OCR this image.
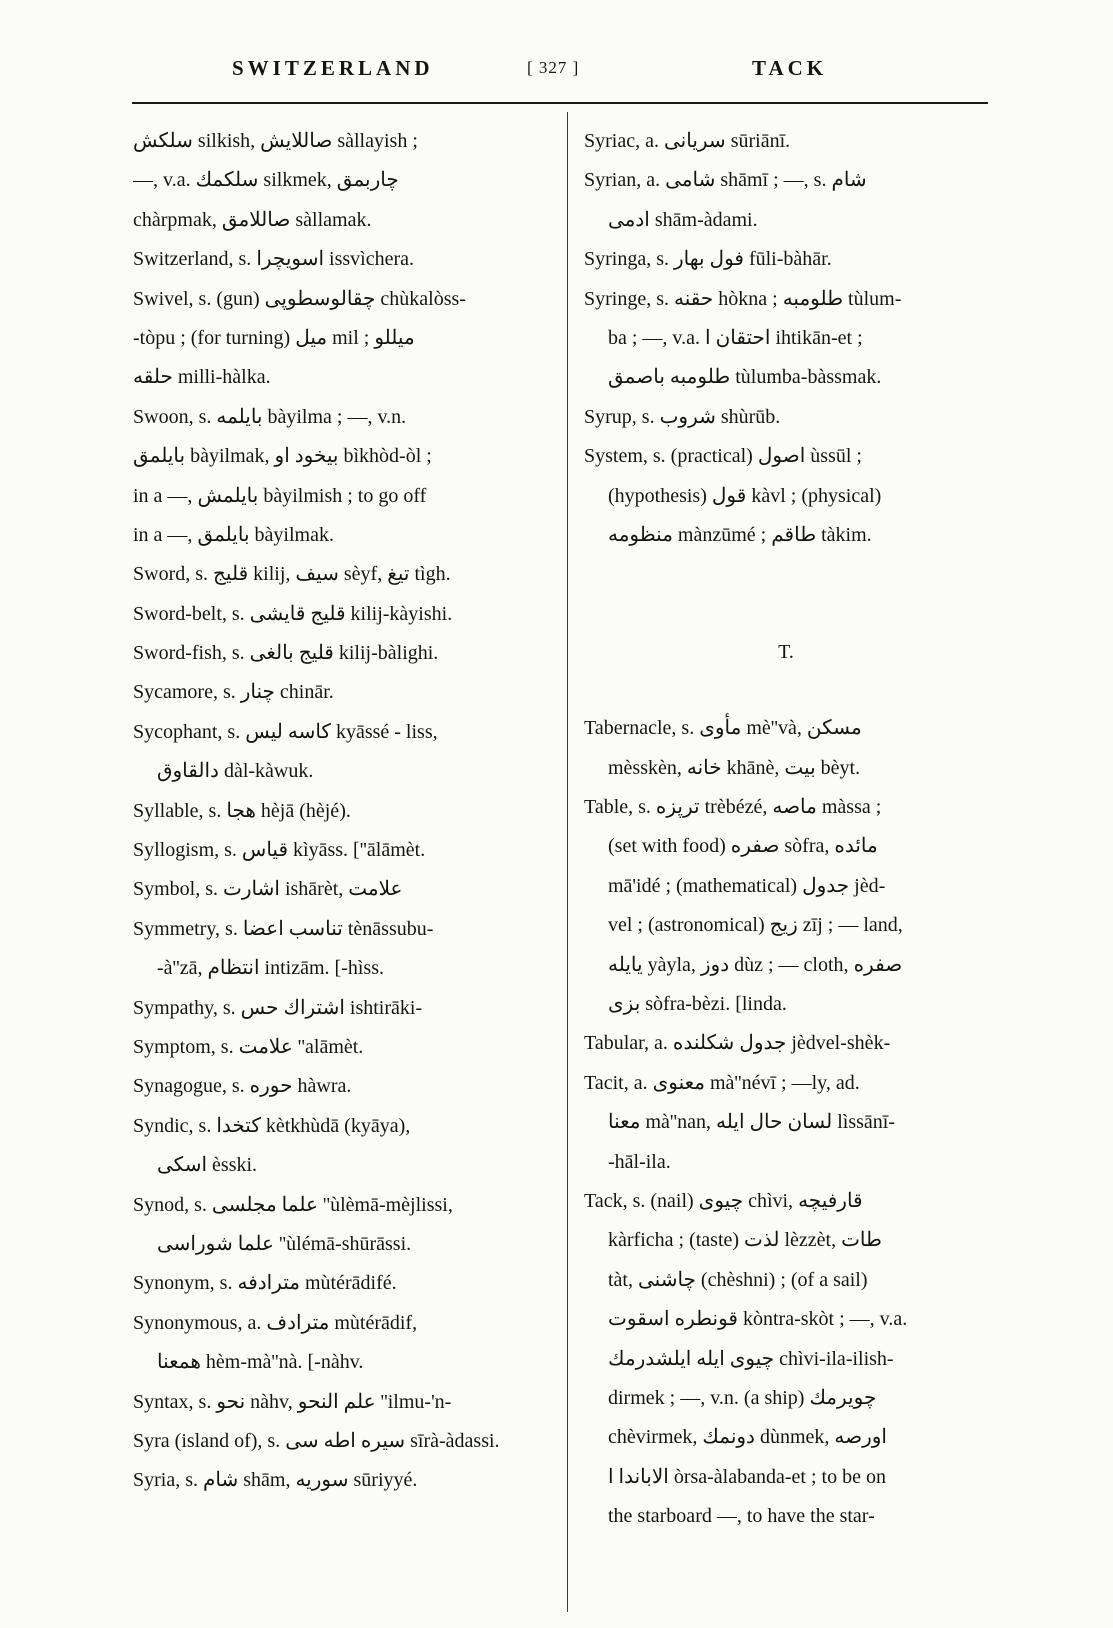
SWITZERLAND	[ 327 ]	TACK
سلكش silkish, صاللايش sàllayish ;
—, v.a. سلكمك silkmek, چاربمق
chàrpmak, صاللامق sàllamak.
Switzerland, s. اسويچرا issvìchera.
Swivel, s. (gun) چقالوسطوپى chùkalòss-
-tòpu ; (for turning) ميل mil ; ميللو
حلقه milli-hàlka.
Swoon, s. بايلمه bàyilma ; —, v.n.
بايلمق bàyilmak, بيخود او bìkhòd-òl ;
in a —, بايلمش bàyilmish ; to go off
in a —, بايلمق bàyilmak.
Sword, s. قليج kilij, سيف sèyf, تيغ tìgh.
Sword-belt, s. قليج قايشى kilij-kàyishi.
Sword-fish, s. قليج بالغى kilij-bàlighi.
Sycamore, s. چنار chinār.
Sycophant, s. كاسه ليس kyāssé - liss,
دالقاوق dàl-kàwuk.
Syllable, s. هجا hèjā (hèjé).
Syllogism, s. قياس kìyāss. [''ālāmèt.
Symbol, s. اشارت ishārèt, علامت
Symmetry, s. تناسب اعضا tènāssubu-
-à''zā, انتظام intizām. [-hìss.
Sympathy, s. اشتراك حس ishtirāki-
Symptom, s. علامت ''alāmèt.
Synagogue, s. حوره hàwra.
Syndic, s. كتخدا kètkhùdā (kyāya),
اسكى èsski.
Synod, s. علما مجلسى ''ùlèmā-mèjlissi,
علما شوراسى ''ùlémā-shūrāssi.
Synonym, s. مترادفه mùtérādifé.
Synonymous, a. مترادف mùtérādif,
همعنا hèm-mà''nà. [-nàhv.
Syntax, s. نحو nàhv, علم النحو ''ilmu-'n-
Syra (island of), s. سيره اطه سى sīrà-àdassi.
Syria, s. شام shām, سوريه sūriyyé.
Syriac, a. سريانى sūriānī.
Syrian, a. شامى shāmī ; —, s. شام
ادمى shām-àdami.
Syringa, s. فول بهار fūli-bàhār.
Syringe, s. حقنه hòkna ; طلومبه tùlum-
ba ; —, v.a. احتقان ا ihtikān-et ;
طلومبه باصمق tùlumba-bàssmak.
Syrup, s. شروب shùrūb.
System, s. (practical) اصول ùssūl ;
(hypothesis) قول kàvl ; (physical)
منظومه mànzūmé ; طاقم tàkim.
T.
Tabernacle, s. مأوى mè''và, مسكن
mèsskèn, خانه khānè, بيت bèyt.
Table, s. ترپزه trèbézé, ماصه màssa ;
(set with food) صفره sòfra, مائده
mā'idé ; (mathematical) جدول jèd-
vel ; (astronomical) زيج zīj ; — land,
يايله yàyla, دوز dùz ; — cloth, صفره
بزى sòfra-bèzi. [linda.
Tabular, a. جدول شكلنده jèdvel-shèk-
Tacit, a. معنوى mà''névī ; —ly, ad.
معنا mà''nan, لسان حال ايله lìssānī-
-hāl-ila.
Tack, s. (nail) چيوى chìvi, قارفيچه
kàrficha ; (taste) لذت lèzzèt, طات
tàt, چاشنى (chèshni) ; (of a sail)
قونطره اسقوت kòntra-skòt ; —, v.a.
چيوى ايله ايلشدرمك chìvi-ila-ilish-
dirmek ; —, v.n. (a ship) چويرمك
chèvirmek, دونمك dùnmek, اورصه
الاباندا ا òrsa-àlabanda-et ; to be on
the starboard —, to have the star-
